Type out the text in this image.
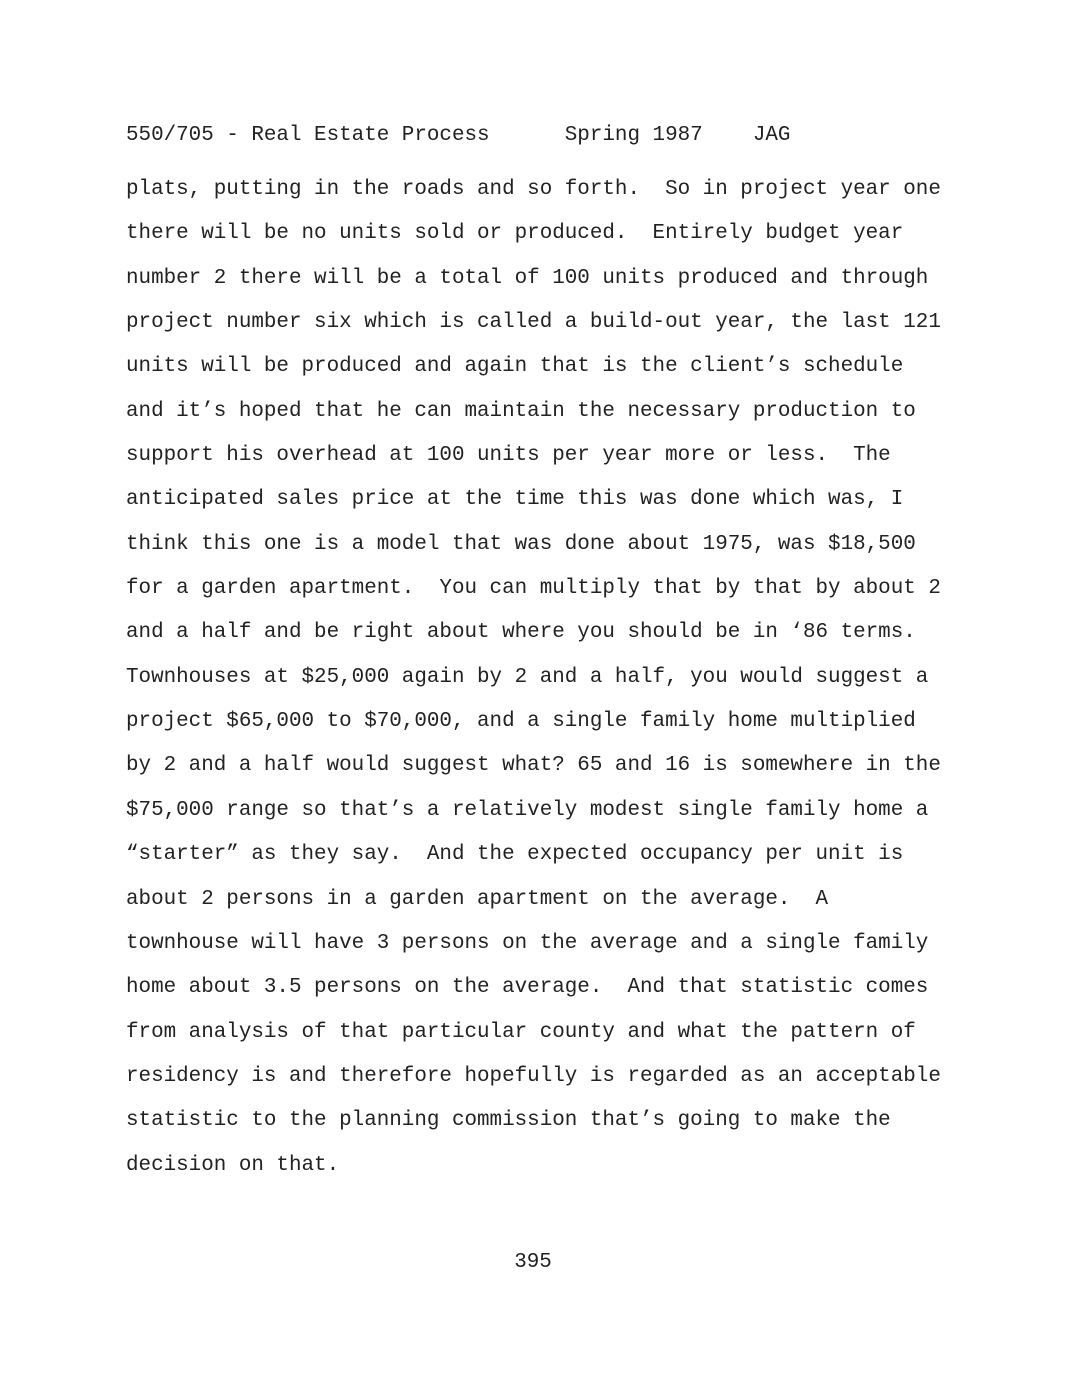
550/705 - Real Estate Process      Spring 1987    JAG
plats, putting in the roads and so forth.  So in project year one
there will be no units sold or produced.  Entirely budget year
number 2 there will be a total of 100 units produced and through
project number six which is called a build-out year, the last 121
units will be produced and again that is the client’s schedule
and it’s hoped that he can maintain the necessary production to
support his overhead at 100 units per year more or less.  The
anticipated sales price at the time this was done which was, I
think this one is a model that was done about 1975, was $18,500
for a garden apartment.  You can multiply that by that by about 2
and a half and be right about where you should be in ‘86 terms.
Townhouses at $25,000 again by 2 and a half, you would suggest a
project $65,000 to $70,000, and a single family home multiplied
by 2 and a half would suggest what? 65 and 16 is somewhere in the
$75,000 range so that’s a relatively modest single family home a
“starter” as they say.  And the expected occupancy per unit is
about 2 persons in a garden apartment on the average.  A
townhouse will have 3 persons on the average and a single family
home about 3.5 persons on the average.  And that statistic comes
from analysis of that particular county and what the pattern of
residency is and therefore hopefully is regarded as an acceptable
statistic to the planning commission that’s going to make the
decision on that.
395
